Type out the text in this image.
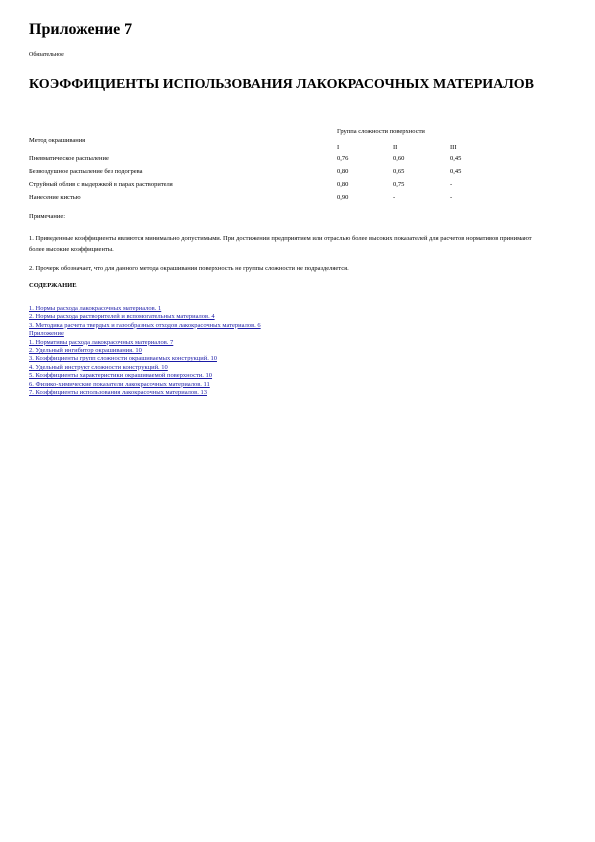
Приложение 7
Обязательное
КОЭФФИЦИЕНТЫ ИСПОЛЬЗОВАНИЯ ЛАКОКРАСОЧНЫХ МАТЕРИАЛОВ
Группа сложности поверхности
Метод окрашивания
I	II	III
Пневматическое распыление	0,76	0,60	0,45
Безвоздушное распыление без подогрева	0,80	0,65	0,45
Струйный облив с выдержкой в парах растворителя	0,80	0,75	-
Нанесение кистью	0,90	-	-
Примечание:
1. Приведенные коэффициенты являются минимально допустимыми. При достижении предприятием или отраслью более высоких показателей для расчетов нормативов принимают более высокие коэффициенты.
2. Прочерк обозначает, что для данного метода окрашивания поверхность не группы сложности не подразделяется.
СОДЕРЖАНИЕ
1. Нормы расхода лакокрасочных материалов. 1
2. Нормы расхода растворителей и вспомогательных материалов. 4
3. Методика расчета твердых и газообразных отходов лакокрасочных материалов. 6
Приложение
1. Нормативы расхода лакокрасочных материалов. 7
2. Удельный ингибитор окрашивания. 10
3. Коэффициенты групп сложности окрашиваемых конструкций. 10
4. Удельный инструкт сложности конструкций. 10
5. Коэффициенты характеристики окрашиваемой поверхности. 10
6. Физико-химические показатели лакокрасочных материалов. 11
7. Коэффициенты использования лакокрасочных материалов. 13
